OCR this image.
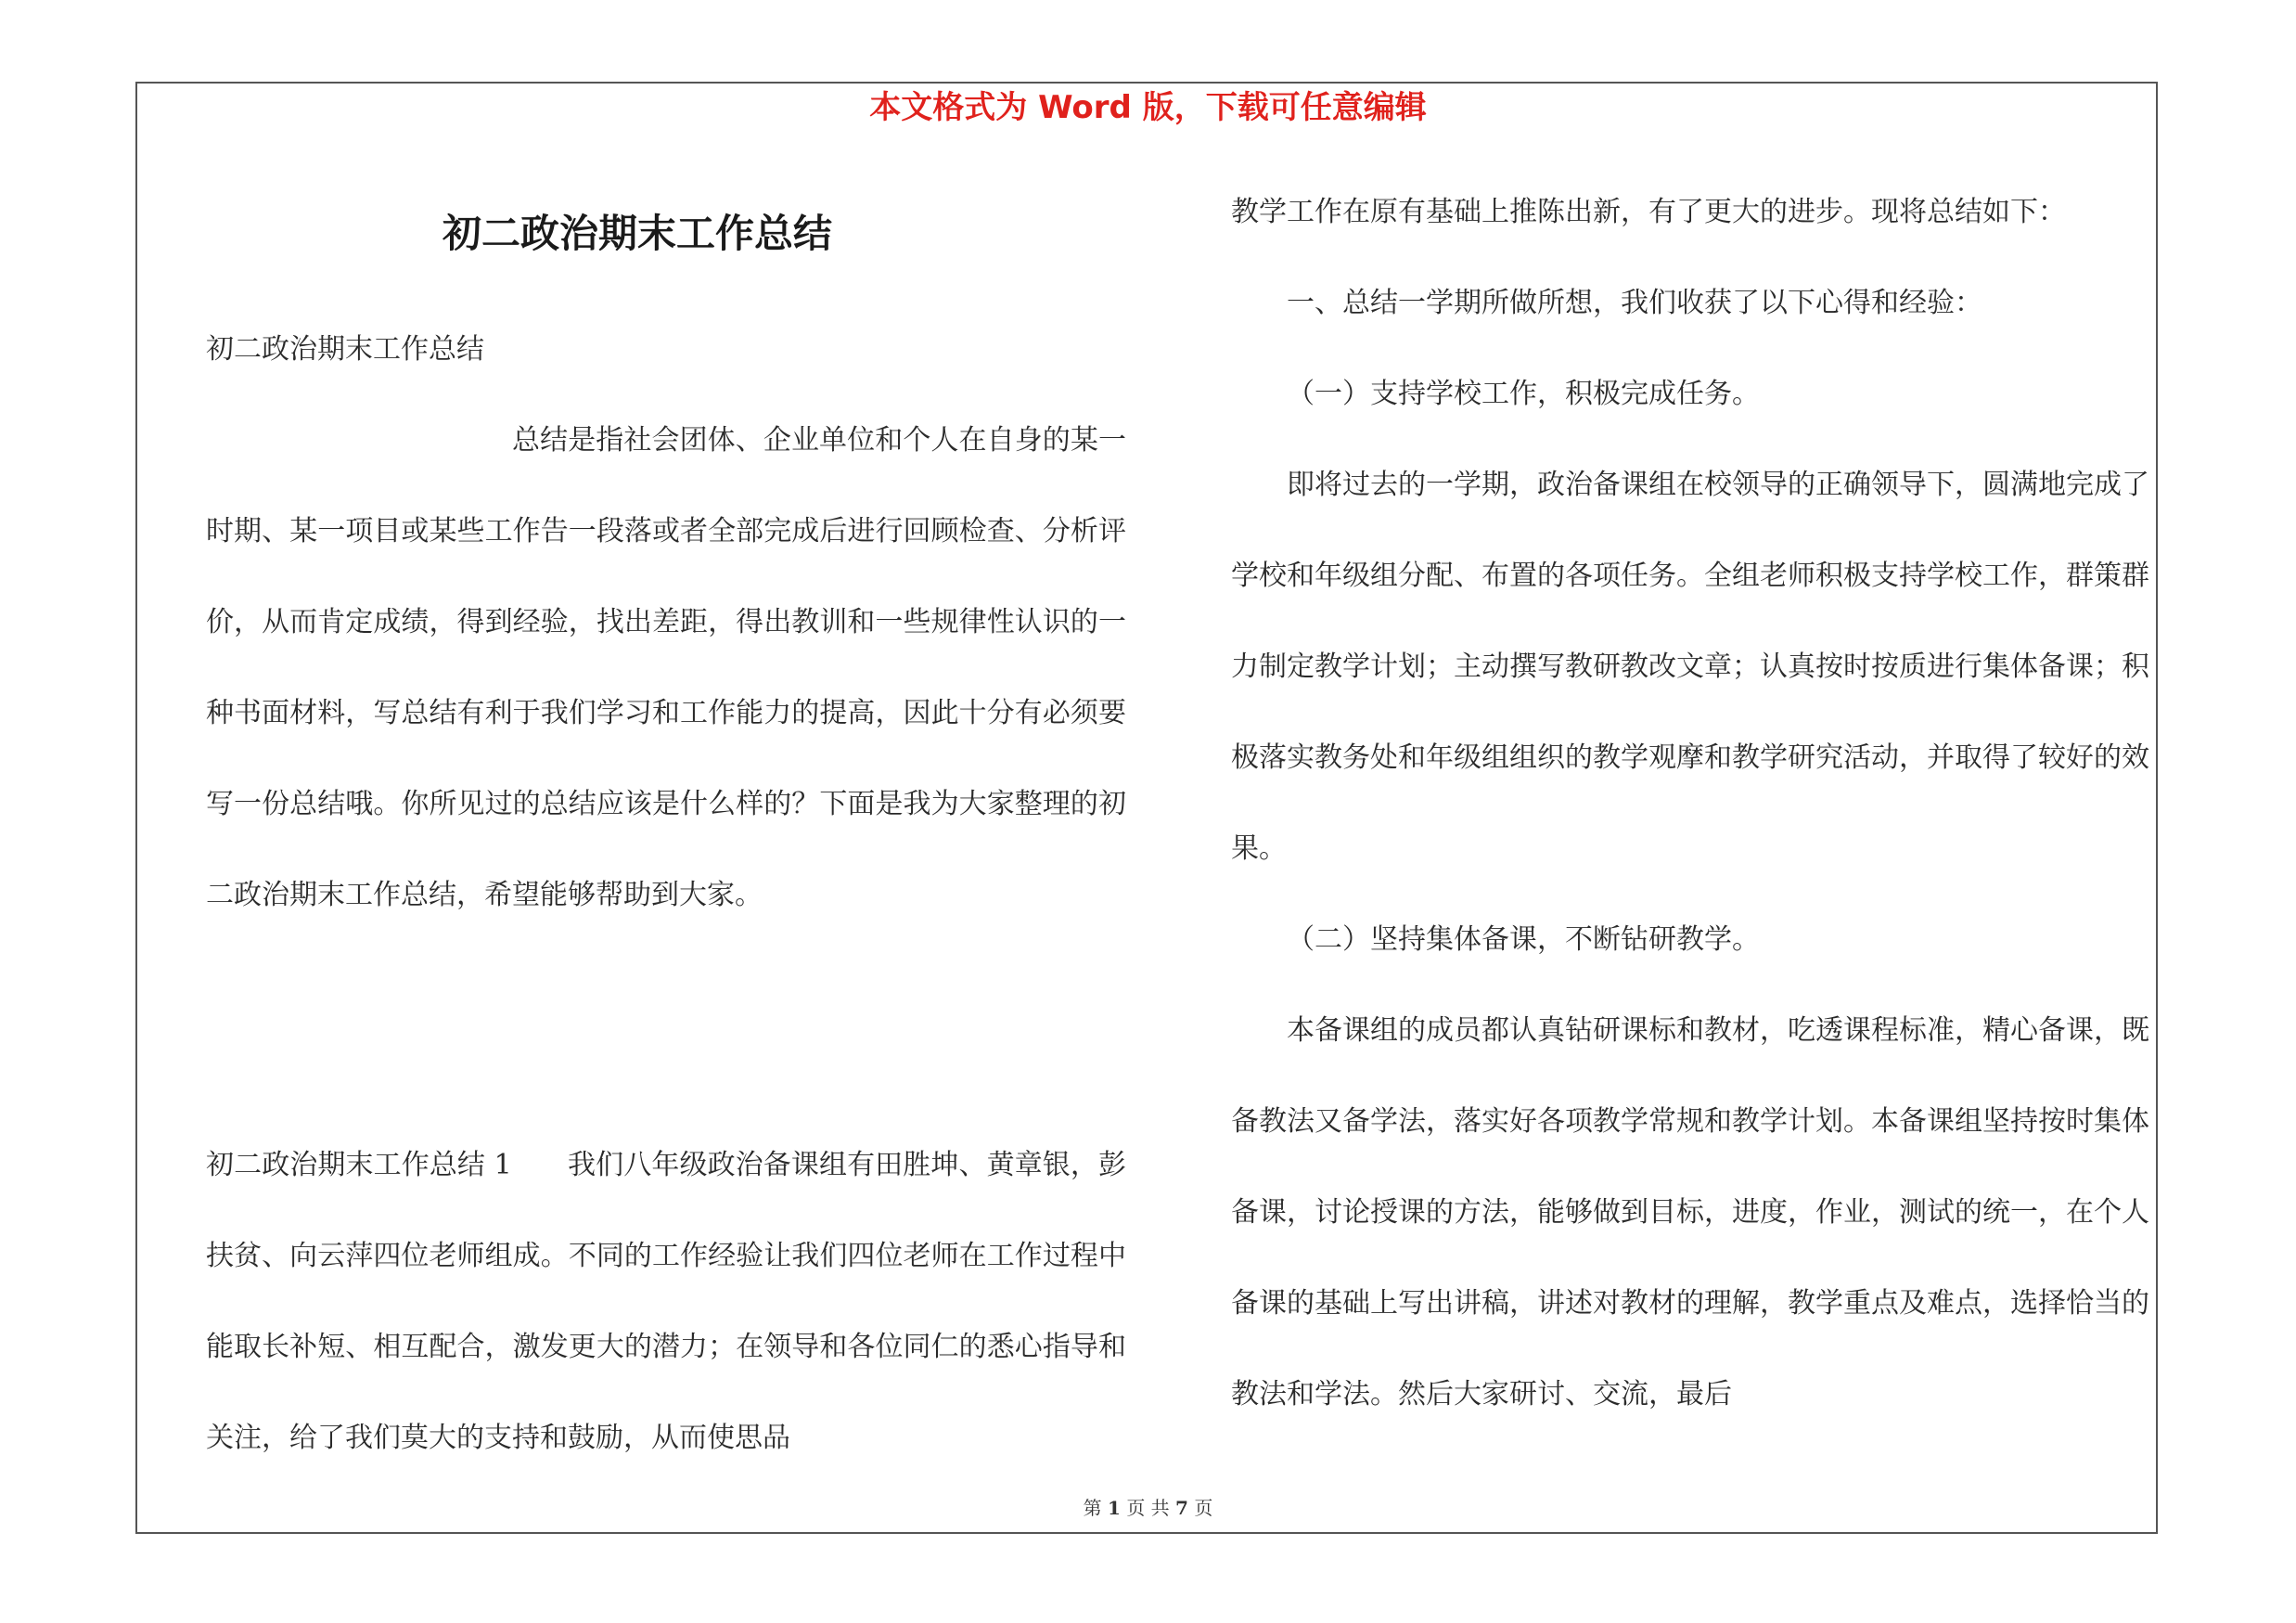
本文格式为 Word 版，下载可任意编辑
初二政治期末工作总结

初二政治期末工作总结

总结是指社会团体、企业单位和个人在自身的某一时期、某一项目或某些工作告一段落或者全部完成后进行回顾检查、分析评价，从而肯定成绩，得到经验，找出差距，得出教训和一些规律性认识的一种书面材料，写总结有利于我们学习和工作能力的提高，因此十分有必须要写一份总结哦。你所见过的总结应该是什么样的？下面是我为大家整理的初二政治期末工作总结，希望能够帮助到大家。

初二政治期末工作总结 1　　我们八年级政治备课组有田胜坤、黄章银，彭扶贫、向云萍四位老师组成。不同的工作经验让我们四位老师在工作过程中能取长补短、相互配合，激发更大的潜力；在领导和各位同仁的悉心指导和关注，给了我们莫大的支持和鼓励，从而使思品

教学工作在原有基础上推陈出新，有了更大的进步。现将总结如下：

一、总结一学期所做所想，我们收获了以下心得和经验：

（一）支持学校工作，积极完成任务。

即将过去的一学期，政治备课组在校领导的正确领导下，圆满地完成了学校和年级组分配、布置的各项任务。全组老师积极支持学校工作，群策群力制定教学计划；主动撰写教研教改文章；认真按时按质进行集体备课；积极落实教务处和年级组组织的教学观摩和教学研究活动，并取得了较好的效果。

（二）坚持集体备课，不断钻研教学。

本备课组的成员都认真钻研课标和教材，吃透课程标准，精心备课，既备教法又备学法，落实好各项教学常规和教学计划。本备课组坚持按时集体备课，讨论授课的方法，能够做到目标，进度，作业，测试的统一，在个人备课的基础上写出讲稿，讲述对教材的理解，教学重点及难点，选择恰当的教法和学法。然后大家研讨、交流，最后

第 1 页 共 7 页
